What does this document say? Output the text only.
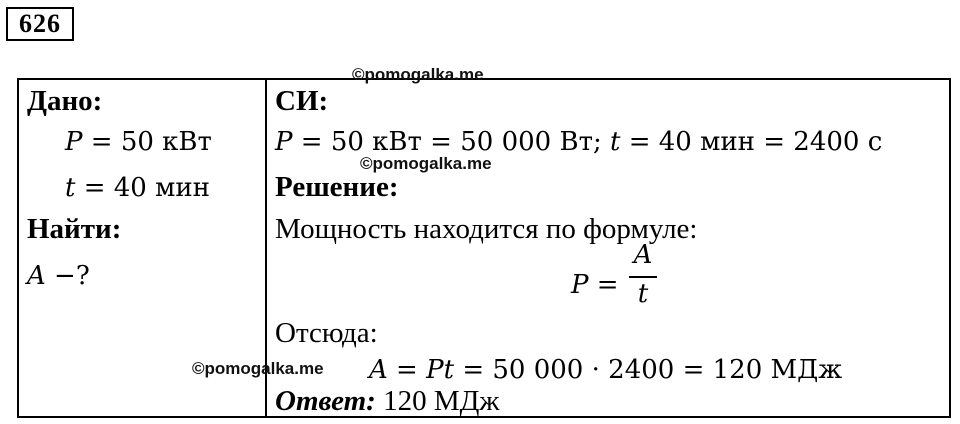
626
Дано:
P = 50 кВт
t = 40 мин
Найти:
A −?
СИ:
P = 50 кВт = 50 000 Вт; t = 40 мин = 2400 с
Решение:
Мощность находится по формуле:
P =
A
t
Отсюда:
A = Pt = 50 000 · 2400 = 120 МДж
Ответ: 120 МДж
©pomogalka.me
©pomogalka.me
©pomogalka.me
